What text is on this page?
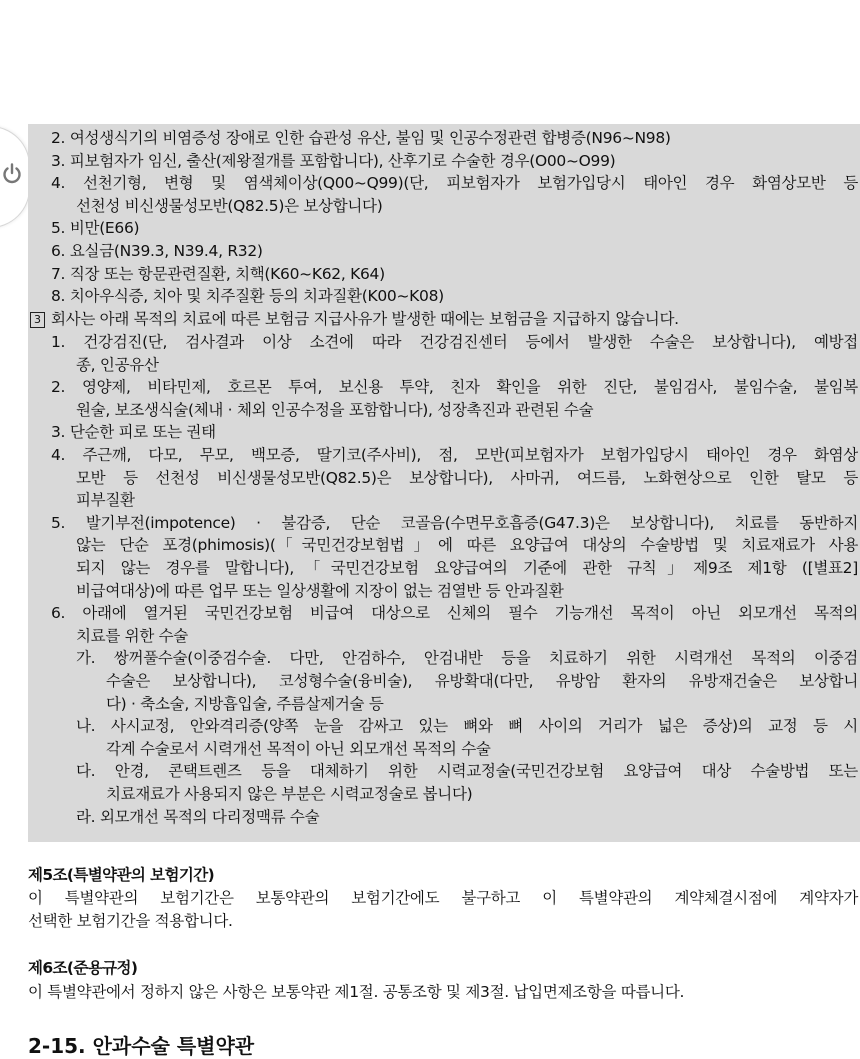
2. 여성생식기의 비염증성 장애로 인한 습관성 유산, 불임 및 인공수정관련 합병증(N96~N98)
3. 피보험자가 임신, 출산(제왕절개를 포함합니다), 산후기로 수술한 경우(O00~O99)
4. 선천기형, 변형 및 염색체이상(Q00~Q99)(단, 피보험자가 보험가입당시 태아인 경우 화염상모반 등
선천성 비신생물성모반(Q82.5)은 보상합니다)
5. 비만(E66)
6. 요실금(N39.3, N39.4, R32)
7. 직장 또는 항문관련질환, 치핵(K60~K62, K64)
8. 치아우식증, 치아 및 치주질환 등의 치과질환(K00~K08)
3 회사는 아래 목적의 치료에 따른 보험금 지급사유가 발생한 때에는 보험금을 지급하지 않습니다.
1. 건강검진(단, 검사결과 이상 소견에 따라 건강검진센터 등에서 발생한 수술은 보상합니다), 예방접
종, 인공유산
2. 영양제, 비타민제, 호르몬 투여, 보신용 투약, 친자 확인을 위한 진단, 불임검사, 불임수술, 불임복
원술, 보조생식술(체내 · 체외 인공수정을 포함합니다), 성장촉진과 관련된 수술
3. 단순한 피로 또는 권태
4. 주근깨, 다모, 무모, 백모증, 딸기코(주사비), 점, 모반(피보험자가 보험가입당시 태아인 경우 화염상
모반 등 선천성 비신생물성모반(Q82.5)은 보상합니다), 사마귀, 여드름, 노화현상으로 인한 탈모 등
피부질환
5. 발기부전(impotence) · 불감증, 단순 코골음(수면무호흡증(G47.3)은 보상합니다), 치료를 동반하지
않는 단순 포경(phimosis)(「국민건강보험법」에 따른 요양급여 대상의 수술방법 및 치료재료가 사용
되지 않는 경우를 말합니다),「국민건강보험 요양급여의 기준에 관한 규칙」제9조 제1항 ([별표2]
비급여대상)에 따른 업무 또는 일상생활에 지장이 없는 검열반 등 안과질환
6. 아래에 열거된 국민건강보험 비급여 대상으로 신체의 필수 기능개선 목적이 아닌 외모개선 목적의
치료를 위한 수술
가. 쌍꺼풀수술(이중검수술. 다만, 안검하수, 안검내반 등을 치료하기 위한 시력개선 목적의 이중검
수술은 보상합니다), 코성형수술(융비술), 유방확대(다만, 유방암 환자의 유방재건술은 보상합니
다) · 축소술, 지방흡입술, 주름살제거술 등
나. 사시교정, 안와격리증(양쪽 눈을 감싸고 있는 뼈와 뼈 사이의 거리가 넓은 증상)의 교정 등 시
각계 수술로서 시력개선 목적이 아닌 외모개선 목적의 수술
다. 안경, 콘택트렌즈 등을 대체하기 위한 시력교정술(국민건강보험 요양급여 대상 수술방법 또는
치료재료가 사용되지 않은 부분은 시력교정술로 봅니다)
라. 외모개선 목적의 다리정맥류 수술
제5조(특별약관의 보험기간)
이 특별약관의 보험기간은 보통약관의 보험기간에도 불구하고 이 특별약관의 계약체결시점에 계약자가
선택한 보험기간을 적용합니다.
제6조(준용규정)
이 특별약관에서 정하지 않은 사항은 보통약관 제1절. 공통조항 및 제3절. 납입면제조항을 따릅니다.
2-15. 안과수술 특별약관
